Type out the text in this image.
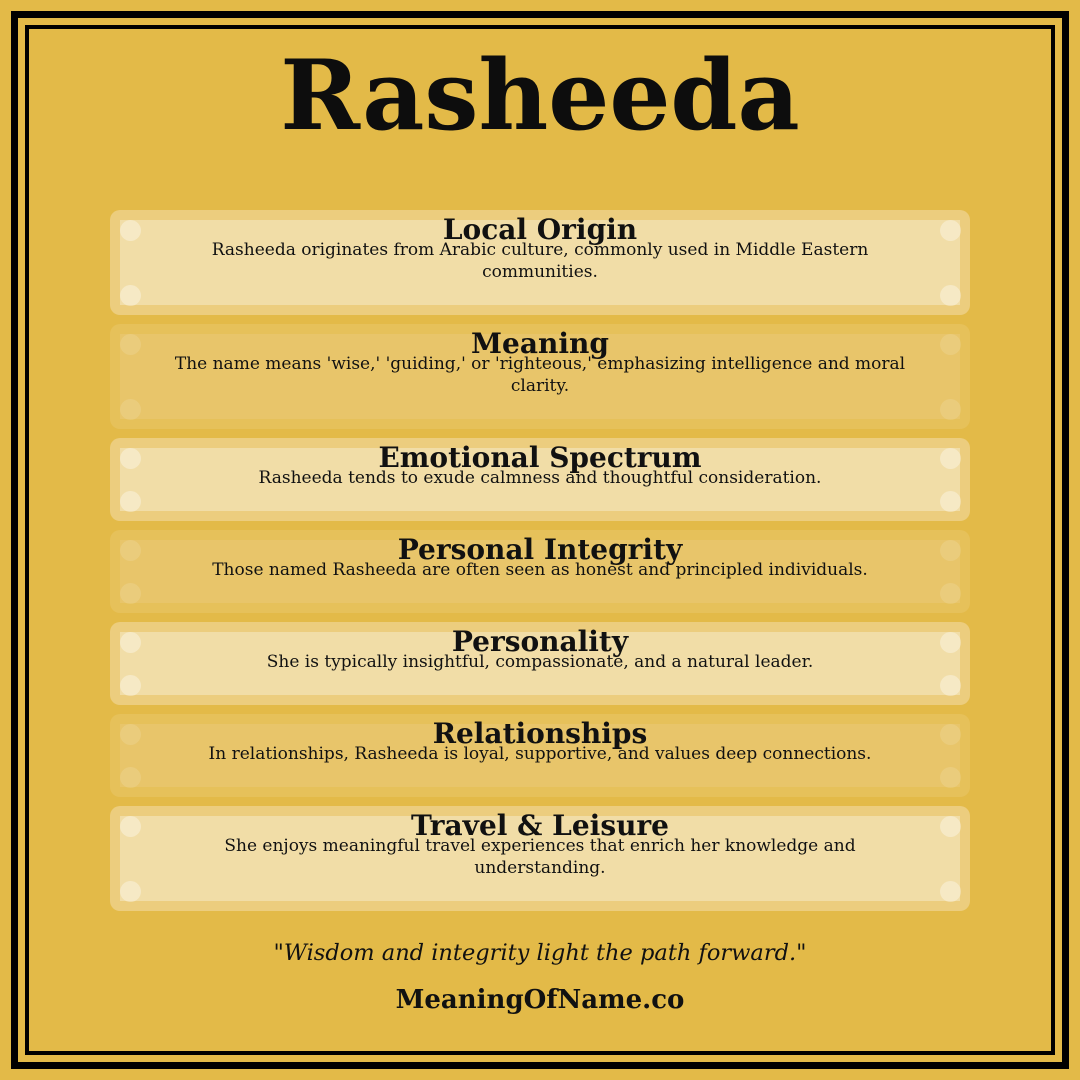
Rasheeda
Local Origin

Rasheeda originates from Arabic culture, commonly used in Middle Eastern communities.

Meaning

The name means 'wise,' 'guiding,' or 'righteous,' emphasizing intelligence and moral clarity.

Emotional Spectrum

Rasheeda tends to exude calmness and thoughtful consideration.

Personal Integrity

Those named Rasheeda are often seen as honest and principled individuals.

Personality

She is typically insightful, compassionate, and a natural leader.

Relationships

In relationships, Rasheeda is loyal, supportive, and values deep connections.

Travel & Leisure

She enjoys meaningful travel experiences that enrich her knowledge and understanding.

"Wisdom and integrity light the path forward."
MeaningOfName.co
